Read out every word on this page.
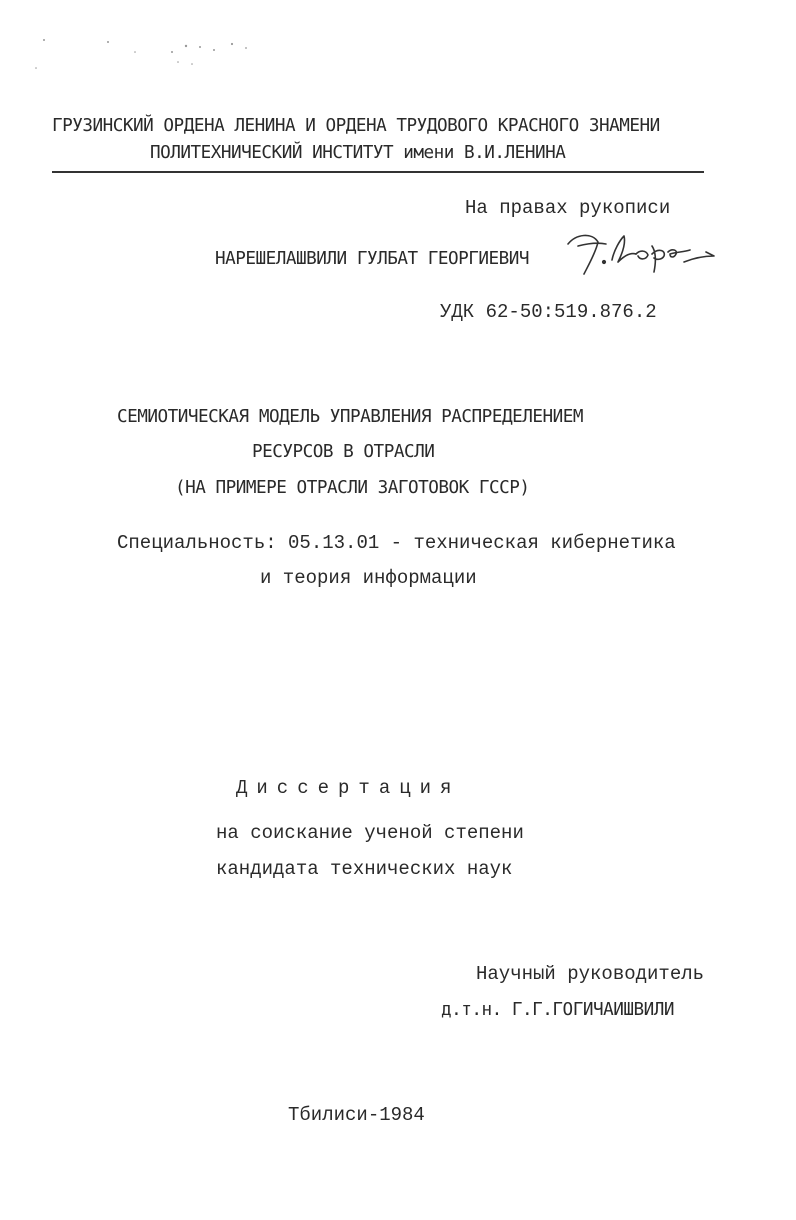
ГРУЗИНСКИЙ ОРДЕНА ЛЕНИНА И ОРДЕНА ТРУДОВОГО КРАСНОГО ЗНАМЕНИ
ПОЛИТЕХНИЧЕСКИЙ ИНСТИТУТ имени В.И.ЛЕНИНА
На правах рукописи
НАРЕШЕЛАШВИЛИ ГУЛБАТ ГЕОРГИЕВИЧ
УДК 62-50:519.876.2
СЕМИОТИЧЕСКАЯ МОДЕЛЬ УПРАВЛЕНИЯ РАСПРЕДЕЛЕНИЕМ
РЕСУРСОВ В ОТРАСЛИ
(НА ПРИМЕРЕ ОТРАСЛИ ЗАГОТОВОК ГССР)
Специальность: 05.13.01 - техническая кибернетика
и теория информации
Диссертация
на соискание ученой степени
кандидата технических наук
Научный руководитель
д.т.н. Г.Г.ГОГИЧАИШВИЛИ
Тбилиси-1984
